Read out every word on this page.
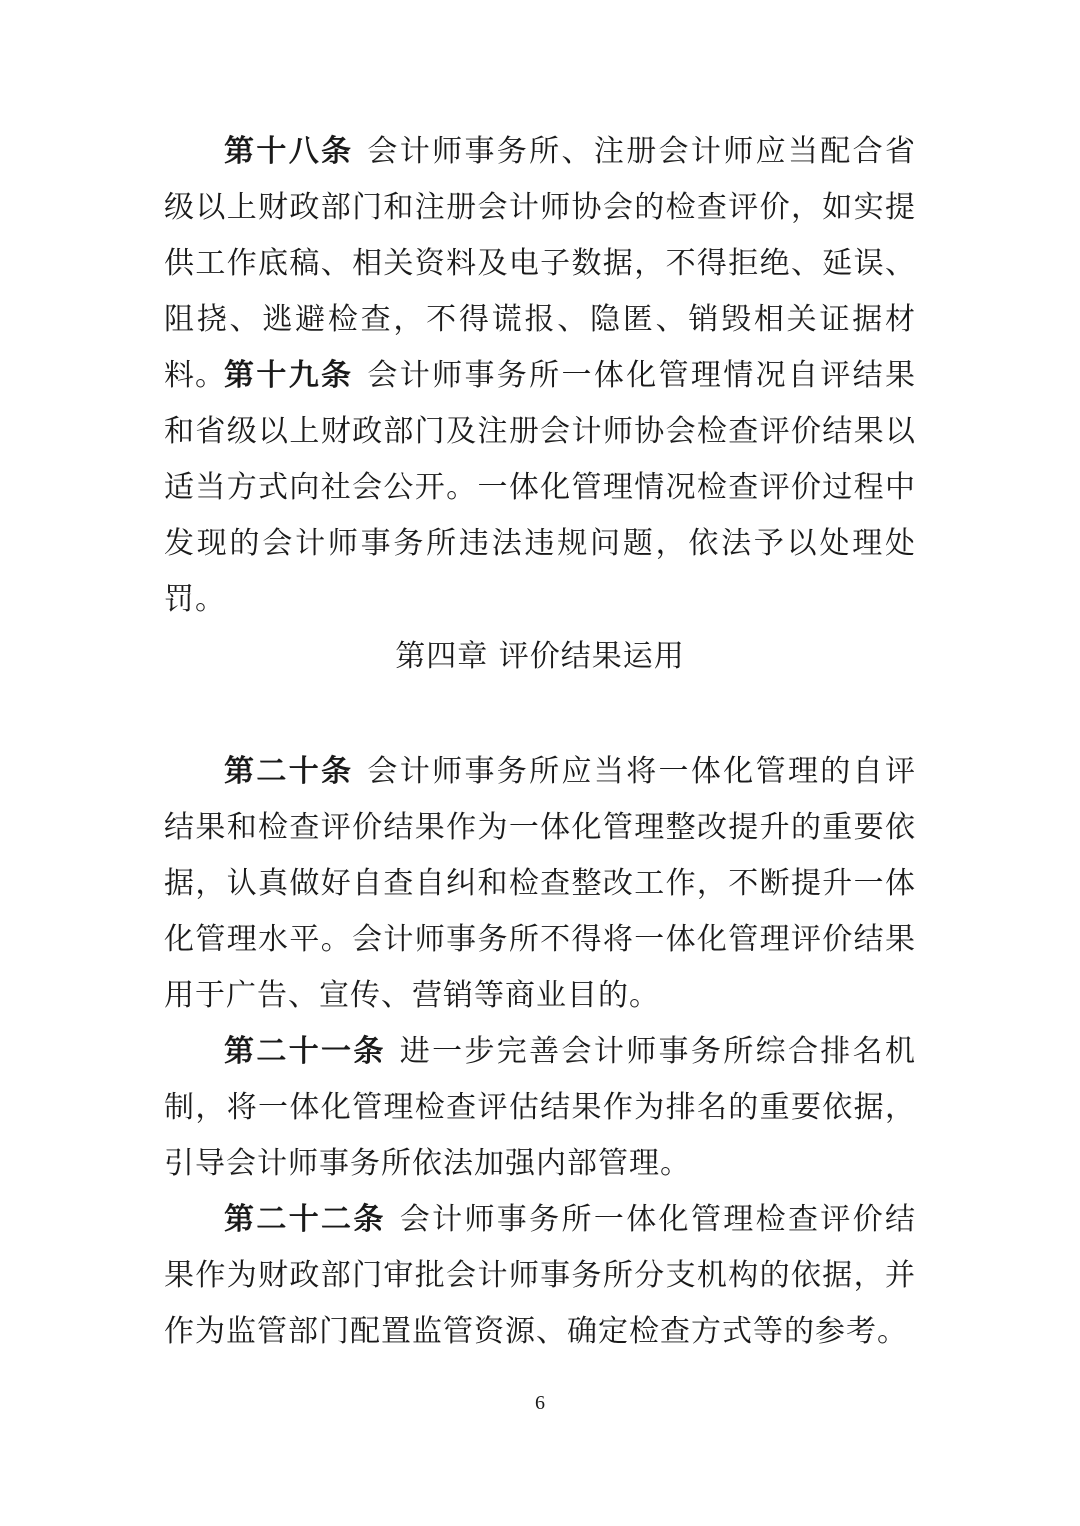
第十八条 会计师事务所、注册会计师应当配合省级以上财政部门和注册会计师协会的检查评价，如实提供工作底稿、相关资料及电子数据，不得拒绝、延误、阻挠、逃避检查，不得谎报、隐匿、销毁相关证据材料。

第十九条 会计师事务所一体化管理情况自评结果和省级以上财政部门及注册会计师协会检查评价结果以适当方式向社会公开。一体化管理情况检查评价过程中发现的会计师事务所违法违规问题，依法予以处理处罚。

第四章 评价结果运用

第二十条 会计师事务所应当将一体化管理的自评结果和检查评价结果作为一体化管理整改提升的重要依据，认真做好自查自纠和检查整改工作，不断提升一体化管理水平。会计师事务所不得将一体化管理评价结果用于广告、宣传、营销等商业目的。

第二十一条 进一步完善会计师事务所综合排名机制，将一体化管理检查评估结果作为排名的重要依据，引导会计师事务所依法加强内部管理。

第二十二条 会计师事务所一体化管理检查评价结果作为财政部门审批会计师事务所分支机构的依据，并作为监管部门配置监管资源、确定检查方式等的参考。

6
